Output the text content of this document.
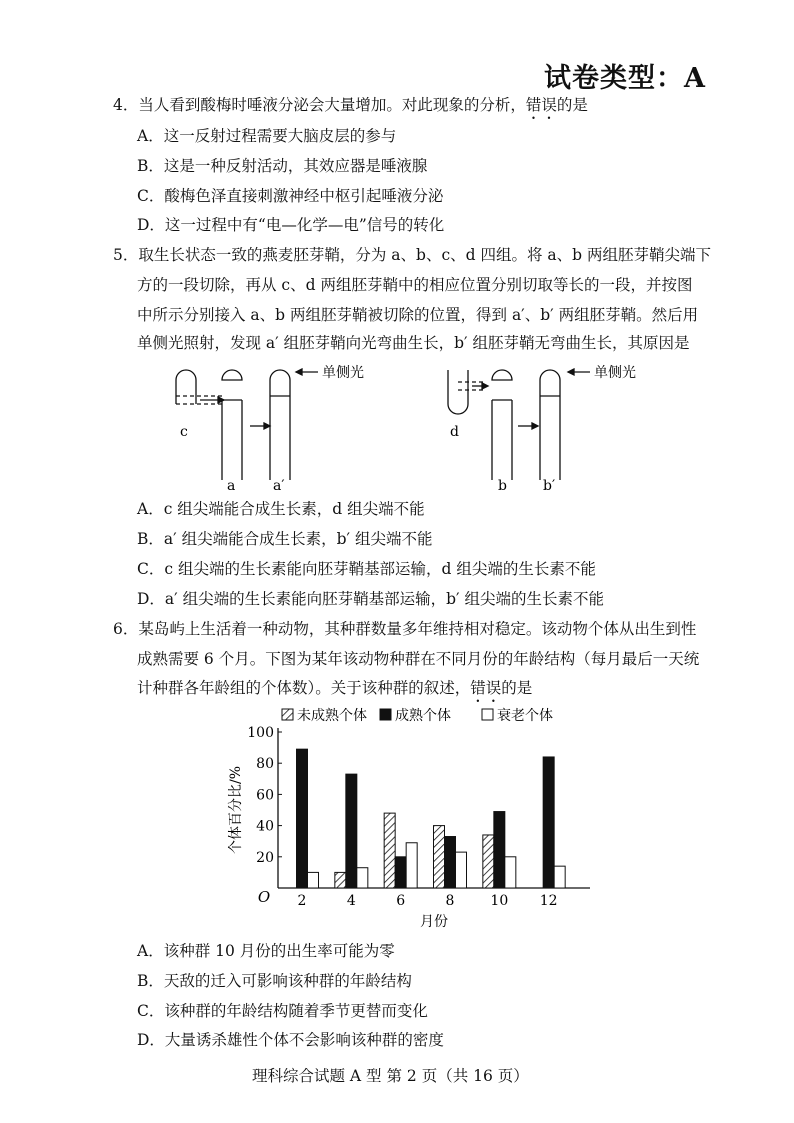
试卷类型：A
4．当人看到酸梅时唾液分泌会大量增加。对此现象的分析，错误的是
A．这一反射过程需要大脑皮层的参与
B．这是一种反射活动，其效应器是唾液腺
C．酸梅色泽直接刺激神经中枢引起唾液分泌
D．这一过程中有“电—化学—电”信号的转化
5．取生长状态一致的燕麦胚芽鞘，分为 a、b、c、d 四组。将 a、b 两组胚芽鞘尖端下
方的一段切除，再从 c、d 两组胚芽鞘中的相应位置分别切取等长的一段，并按图
中所示分别接入 a、b 两组胚芽鞘被切除的位置，得到 a′、b′ 两组胚芽鞘。然后用
单侧光照射，发现 a′ 组胚芽鞘向光弯曲生长，b′ 组胚芽鞘无弯曲生长，其原因是
单侧光	单侧光
c	d
a	a′	b	b′
A．c 组尖端能合成生长素，d 组尖端不能
B．a′ 组尖端能合成生长素，b′ 组尖端不能
C．c 组尖端的生长素能向胚芽鞘基部运输，d 组尖端的生长素不能
D．a′ 组尖端的生长素能向胚芽鞘基部运输，b′ 组尖端的生长素不能
6．某岛屿上生活着一种动物，其种群数量多年维持相对稳定。该动物个体从出生到性
成熟需要 6 个月。下图为某年该动物种群在不同月份的年龄结构（每月最后一天统
计种群各年龄组的个体数）。关于该种群的叙述，错误的是
未成熟个体 成熟个体	衰老个体
O
个体百分比/%
月份
20
40
60
80
100
2	4	6	8	10 12
A．该种群 10 月份的出生率可能为零
B．天敌的迁入可影响该种群的年龄结构
C．该种群的年龄结构随着季节更替而变化
D．大量诱杀雄性个体不会影响该种群的密度
理科综合试题 A 型 第 2 页（共 16 页）
